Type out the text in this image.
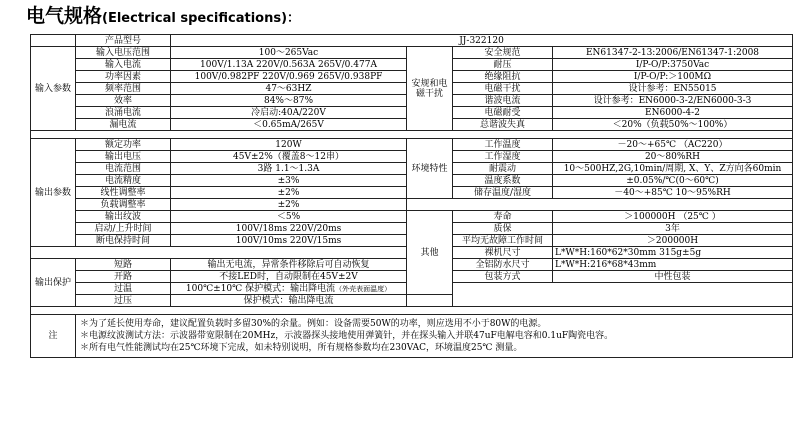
电气规格(Electrical specifications)：
	产品型号	JJ-322120			
输入参数	输入电压范围	100～265Vac	安规和电磁干扰	安全规范	EN61347-2-13:2006/EN61347-1:2008
	输入电流	100V/1.13A 220V/0.563A 265V/0.477A		耐压	I/P-O/P:3750Vac
	功率因素	100V/0.982PF 220V/0.969 265V/0.938PF		绝缘阻抗	I/P-O/P:＞100MΩ
	频率范围	47～63HZ		电磁干扰	设计参考：EN55015
	效率	84%～87%		谐波电流	设计参考：EN6000-3-2/EN6000-3-3
	浪涌电流	冷启动:40A/220V		电磁耐受	EN6000-4-2
	漏电流	＜0.65mA/265V		总谐波失真	＜20%（负载50%～100%）

输出参数	额定功率	120W	环境特性	工作温度	－20～+65℃ （AC220）
	输出电压	45V±2%（覆盖8～12串）		工作湿度	20～80%RH
	电流范围	3路 1.1～1.3A		耐震动	10～500HZ,2G,10min/周期, X、Y、Z方向各60min
	电流精度	±3%		温度系数	±0.05%/℃(0～60℃)
	线性调整率	±2%		储存温度/湿度	－40～+85℃ 10～95%RH
	负载调整率	±2%			
	输出纹波	＜5%	其他	寿命	＞100000H （25℃ ）
	启动/上升时间	100V/18ms 220V/20ms		质保	3年
	断电保持时间	100V/10ms 220V/15ms		平均无故障工作时间	＞200000H
				裸机尺寸	L*W*H:160*62*30mm 315g±5g
输出保护	短路	输出无电流，异常条件移除后可自动恢复		全铝防水尺寸	L*W*H:216*68*43mm
	开路	不接LED时，自动限制在45V±2V		包装方式	中性包装
	过温	100℃±10℃ 保护模式：输出降电流（外壳表面温度）			
	过压	保护模式：输出降电流			

注	＊为了延长使用寿命，建议配置负载时多留30%的余量。例如：设备需要50W的功率，则应选用不小于80W的电源。
＊电源纹波测试方法：示波器带宽限制在20MHz，示波器探头接地使用弹簧针，并在探头输入并联47uF电解电容和0.1uF陶瓷电容。
＊所有电气性能测试均在25℃环境下完成，如未特别说明，所有规格参数均在230VAC，环境温度25℃ 测量。				
